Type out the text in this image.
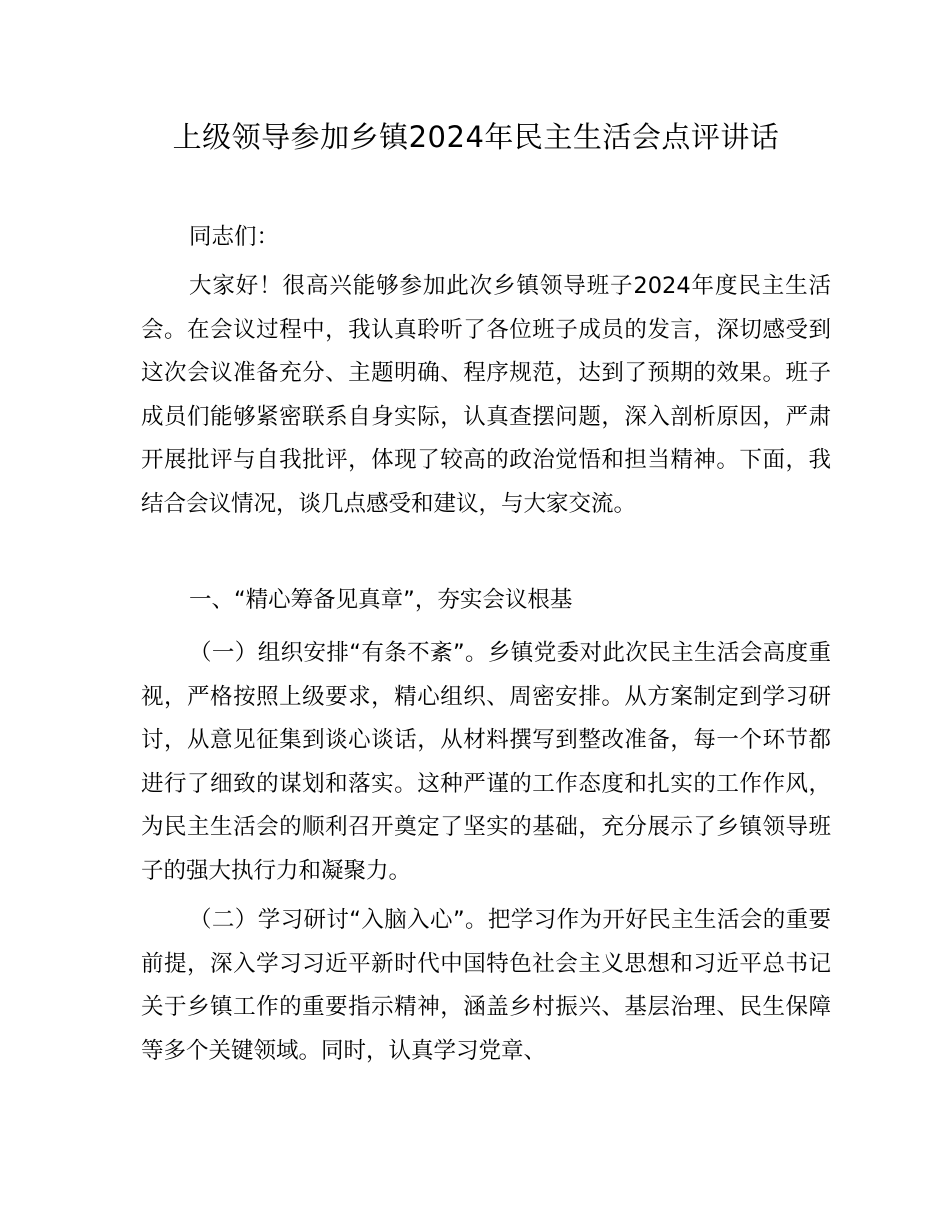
上级领导参加乡镇2024年民主生活会点评讲话

同志们：

大家好！很高兴能够参加此次乡镇领导班子2024年度民主生活会。在会议过程中，我认真聆听了各位班子成员的发言，深切感受到这次会议准备充分、主题明确、程序规范，达到了预期的效果。班子成员们能够紧密联系自身实际，认真查摆问题，深入剖析原因，严肃开展批评与自我批评，体现了较高的政治觉悟和担当精神。下面，我结合会议情况，谈几点感受和建议，与大家交流。

一、“精心筹备见真章”，夯实会议根基

（一）组织安排“有条不紊”。乡镇党委对此次民主生活会高度重视，严格按照上级要求，精心组织、周密安排。从方案制定到学习研讨，从意见征集到谈心谈话，从材料撰写到整改准备，每一个环节都进行了细致的谋划和落实。这种严谨的工作态度和扎实的工作作风，为民主生活会的顺利召开奠定了坚实的基础，充分展示了乡镇领导班子的强大执行力和凝聚力。

（二）学习研讨“入脑入心”。把学习作为开好民主生活会的重要前提，深入学习习近平新时代中国特色社会主义思想和习近平总书记关于乡镇工作的重要指示精神，涵盖乡村振兴、基层治理、民生保障等多个关键领域。同时，认真学习党章、
